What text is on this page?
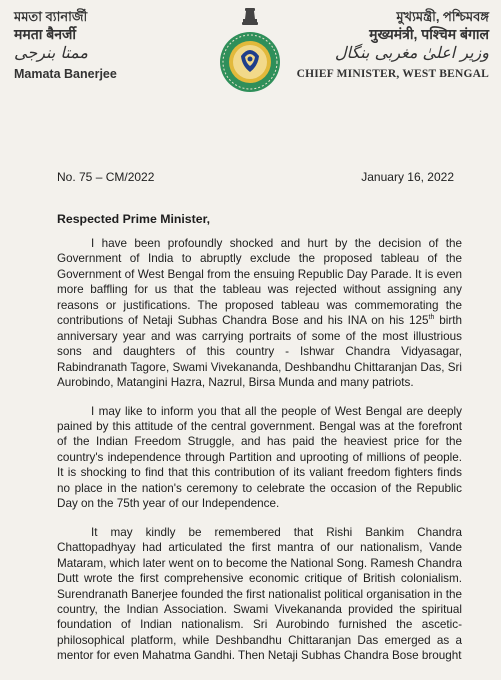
মমতা ব্যানার্জী
ममता बैनर्जी
ممتا بنرجی
Mamata Banerjee
মুখ্যমন্ত্রী, পশ্চিমবঙ্গ
मुख्यमंत्री, पश्चिम बंगाल
وزیر اعلیٰ مغربی بنگال
CHIEF MINISTER, WEST BENGAL
No. 75 – CM/2022	January 16, 2022
Respected Prime Minister,

I have been profoundly shocked and hurt by the decision of the Government of India to abruptly exclude the proposed tableau of the Government of West Bengal from the ensuing Republic Day Parade. It is even more baffling for us that the tableau was rejected without assigning any reasons or justifications. The proposed tableau was commemorating the contributions of Netaji Subhas Chandra Bose and his INA on his 125th birth anniversary year and was carrying portraits of some of the most illustrious sons and daughters of this country - Ishwar Chandra Vidyasagar, Rabindranath Tagore, Swami Vivekananda, Deshbandhu Chittaranjan Das, Sri Aurobindo, Matangini Hazra, Nazrul, Birsa Munda and many patriots.

I may like to inform you that all the people of West Bengal are deeply pained by this attitude of the central government. Bengal was at the forefront of the Indian Freedom Struggle, and has paid the heaviest price for the country's independence through Partition and uprooting of millions of people. It is shocking to find that this contribution of its valiant freedom fighters finds no place in the nation's ceremony to celebrate the occasion of the Republic Day on the 75th year of our Independence.

It may kindly be remembered that Rishi Bankim Chandra Chattopadhyay had articulated the first mantra of our nationalism, Vande Mataram, which later went on to become the National Song. Ramesh Chandra Dutt wrote the first comprehensive economic critique of British colonialism. Surendranath Banerjee founded the first nationalist political organisation in the country, the Indian Association. Swami Vivekananda provided the spiritual foundation of Indian nationalism. Sri Aurobindo furnished the ascetic-philosophical platform, while Deshbandhu Chittaranjan Das emerged as a mentor for even Mahatma Gandhi. Then Netaji Subhas Chandra Bose brought
